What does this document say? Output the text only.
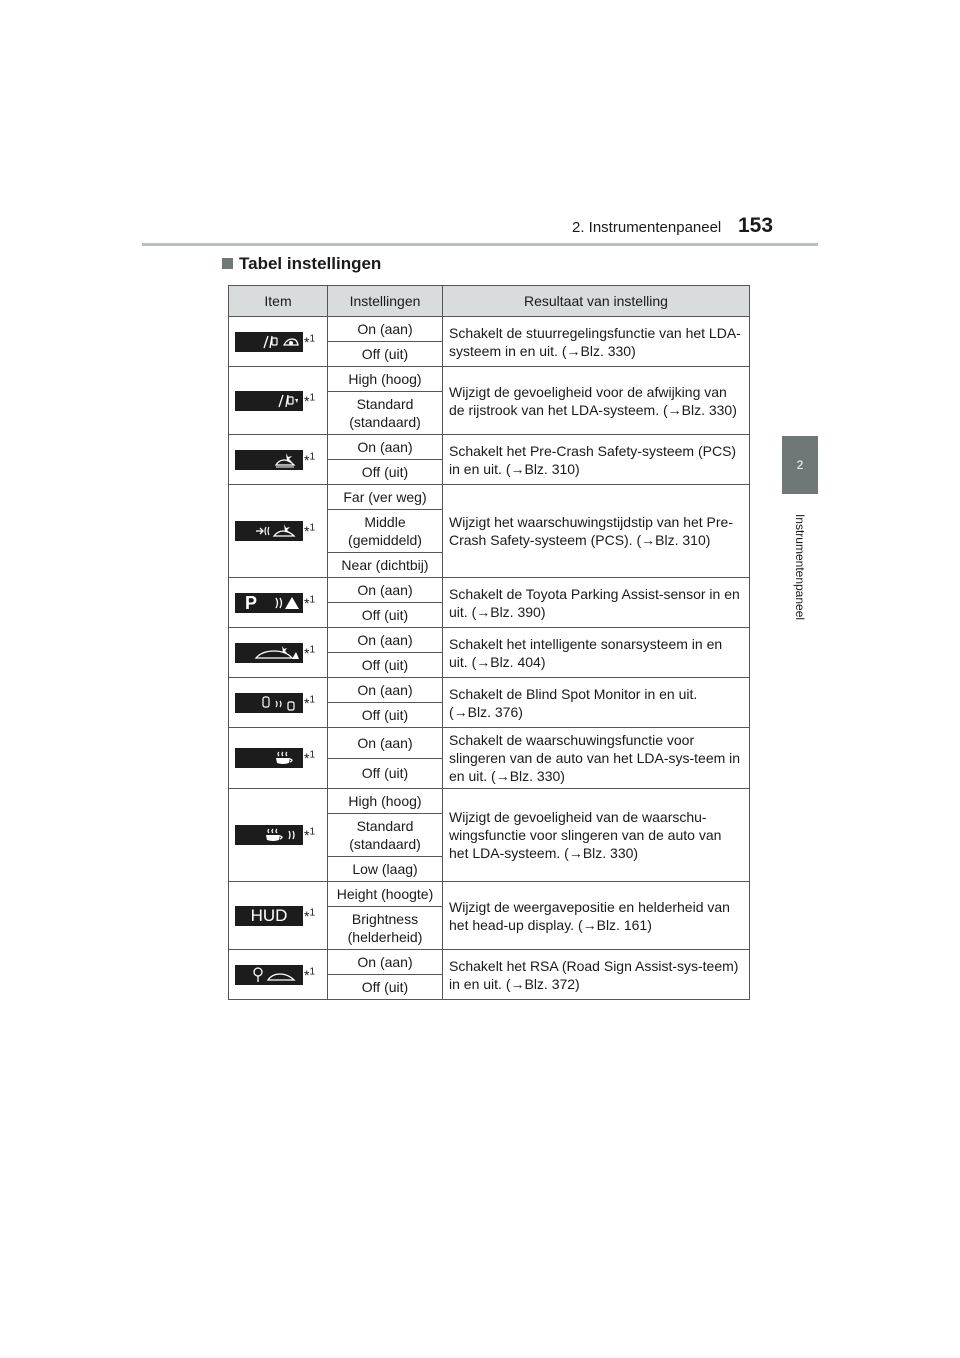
2. Instrumentenpaneel 153
2
Instrumentenpaneel
Tabel instellingen
Item	Instellingen	Resultaat van instelling

*$^1$	On (aan)	Schakelt de stuurregelingsfunctie van het LDA-systeem in en uit. (→Blz. 330)
	Off (uit)	

*$^1$	High (hoog)	Wijzigt de gevoeligheid voor de afwijking van de rijstrook van het LDA-systeem. (→Blz. 330)
	Standard (standaard)	

*$^1$	On (aan)	Schakelt het Pre-Crash Safety-systeem (PCS) in en uit. (→Blz. 310)
	Off (uit)	

*$^1$	Far (ver weg)	Wijzigt het waarschuwingstijdstip van het Pre-Crash Safety-systeem (PCS). (→Blz. 310)
	Middle (gemiddeld)	
	Near (dichtbij)	

P *$^1$	On (aan)	Schakelt de Toyota Parking Assist-sensor in en uit. (→Blz. 390)
	Off (uit)	

*$^1$	On (aan)	Schakelt het intelligente sonarsysteem in en uit. (→Blz. 404)
	Off (uit)	

*$^1$	On (aan)	Schakelt de Blind Spot Monitor in en uit. (→Blz. 376)
	Off (uit)	

*$^1$	On (aan)	Schakelt de waarschuwingsfunctie voor slingeren van de auto van het LDA-sys-teem in en uit. (→Blz. 330)
	Off (uit)	

*$^1$	High (hoog)	Wijzigt de gevoeligheid van de waarschu-wingsfunctie voor slingeren van de auto van het LDA-systeem. (→Blz. 330)
	Standard (standaard)	
	Low (laag)	

HUD *$^1$	Height (hoogte)	Wijzigt de weergavepositie en helderheid van het head-up display. (→Blz. 161)
	Brightness (helderheid)	

*$^1$	On (aan)	Schakelt het RSA (Road Sign Assist-sys-teem) in en uit. (→Blz. 372)
	Off (uit)	
